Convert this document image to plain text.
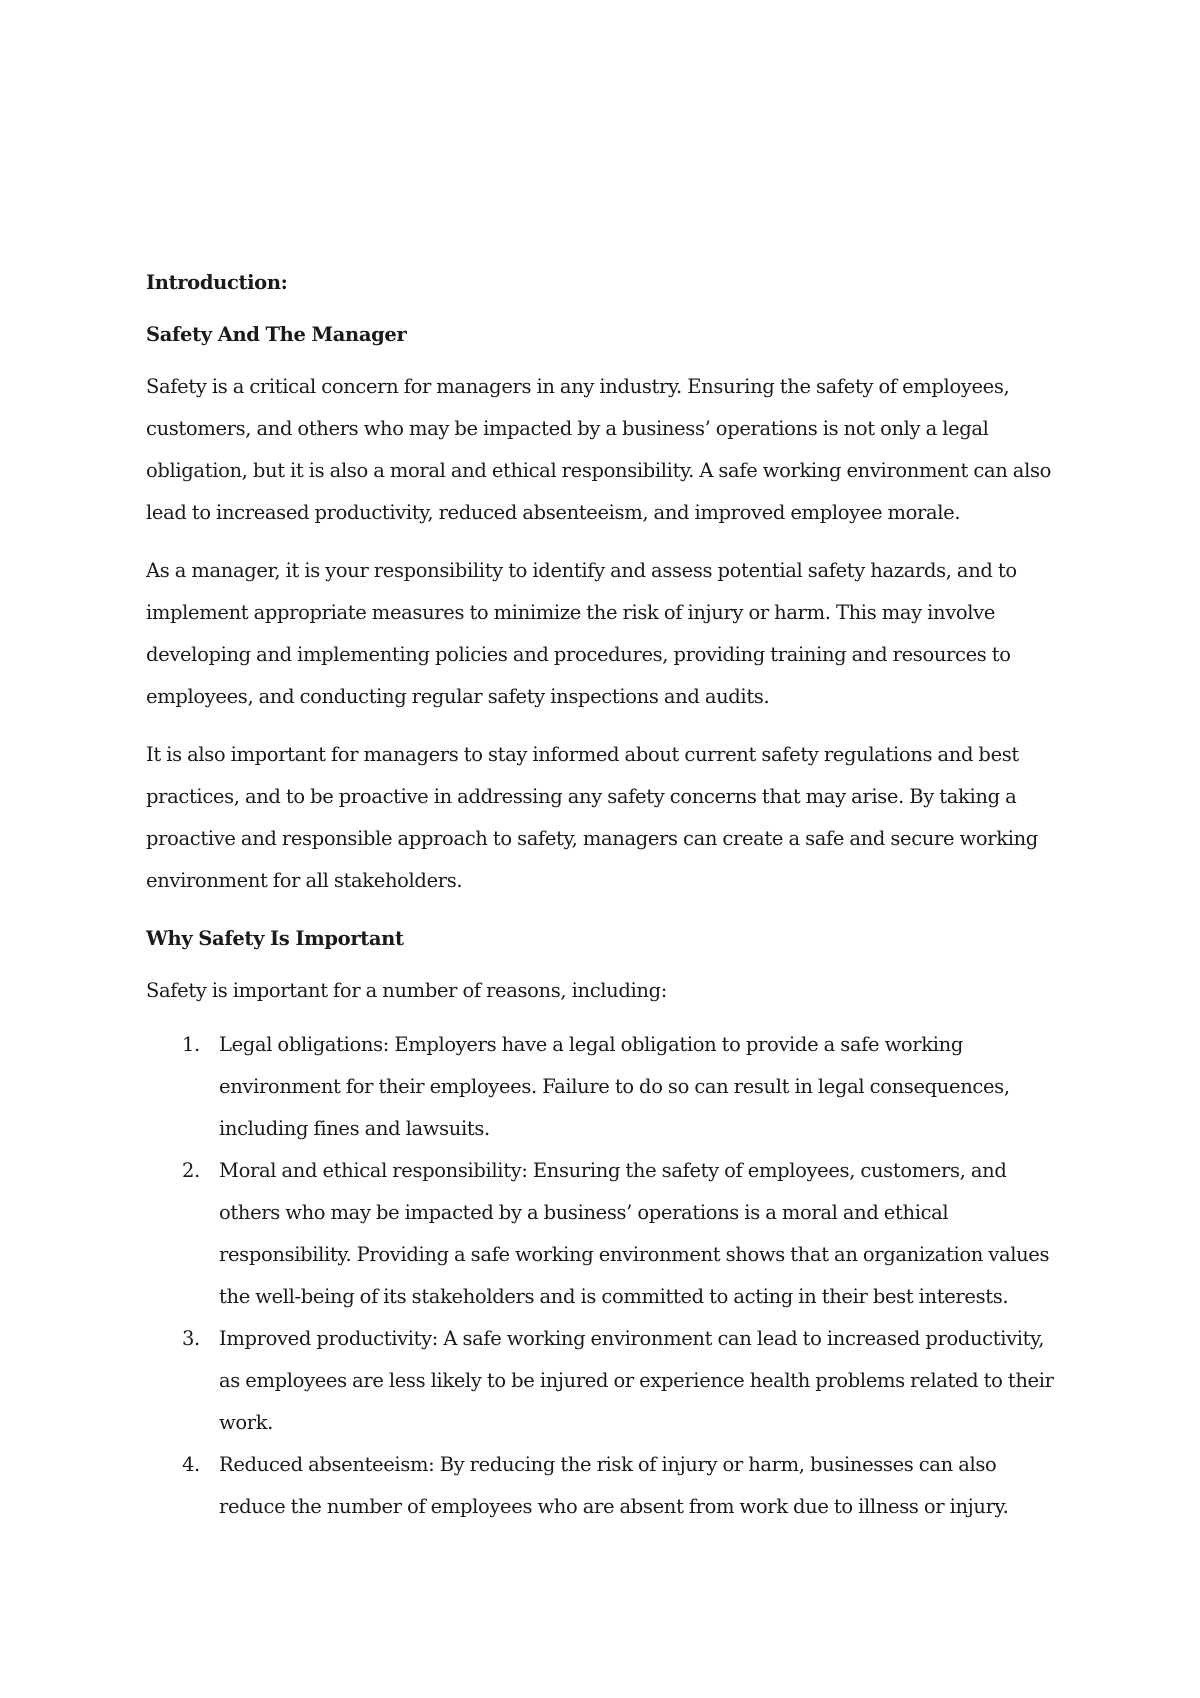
Introduction:
Safety And The Manager

Safety is a critical concern for managers in any industry. Ensuring the safety of employees, customers, and others who may be impacted by a business’ operations is not only a legal obligation, but it is also a moral and ethical responsibility. A safe working environment can also lead to increased productivity, reduced absenteeism, and improved employee morale.

As a manager, it is your responsibility to identify and assess potential safety hazards, and to implement appropriate measures to minimize the risk of injury or harm. This may involve developing and implementing policies and procedures, providing training and resources to employees, and conducting regular safety inspections and audits.

It is also important for managers to stay informed about current safety regulations and best practices, and to be proactive in addressing any safety concerns that may arise. By taking a proactive and responsible approach to safety, managers can create a safe and secure working environment for all stakeholders.

Why Safety Is Important

Safety is important for a number of reasons, including:

1. Legal obligations: Employers have a legal obligation to provide a safe working environment for their employees. Failure to do so can result in legal consequences, including fines and lawsuits.
2. Moral and ethical responsibility: Ensuring the safety of employees, customers, and others who may be impacted by a business’ operations is a moral and ethical responsibility. Providing a safe working environment shows that an organization values the well-being of its stakeholders and is committed to acting in their best interests.
3. Improved productivity: A safe working environment can lead to increased productivity, as employees are less likely to be injured or experience health problems related to their work.
4. Reduced absenteeism: By reducing the risk of injury or harm, businesses can also reduce the number of employees who are absent from work due to illness or injury.
